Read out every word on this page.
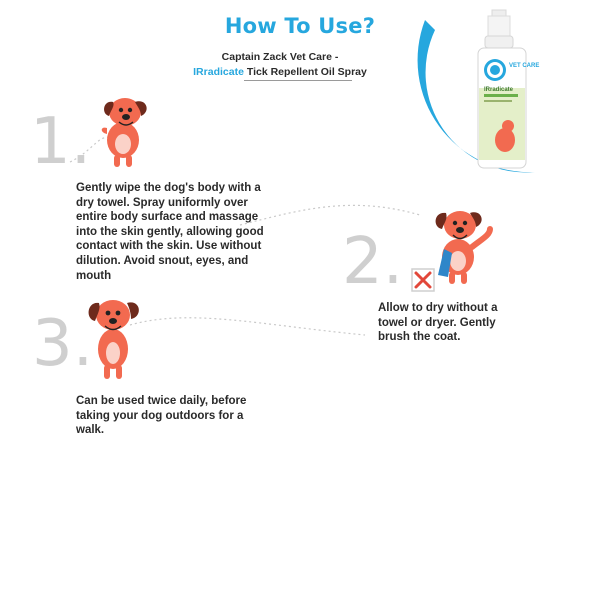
VET CARE
IRradicate
How To Use?
Captain Zack Vet Care -
IRradicate Tick Repellent Oil Spray
1.
2.
3.
Gently wipe the dog's body with a dry towel. Spray uniformly over entire body surface and massage into the skin gently, allowing good contact with the skin. Use without dilution. Avoid snout, eyes, and mouth
Allow to dry without a towel or dryer. Gently brush the coat.
Can be used twice daily, before taking your dog outdoors for a walk.
